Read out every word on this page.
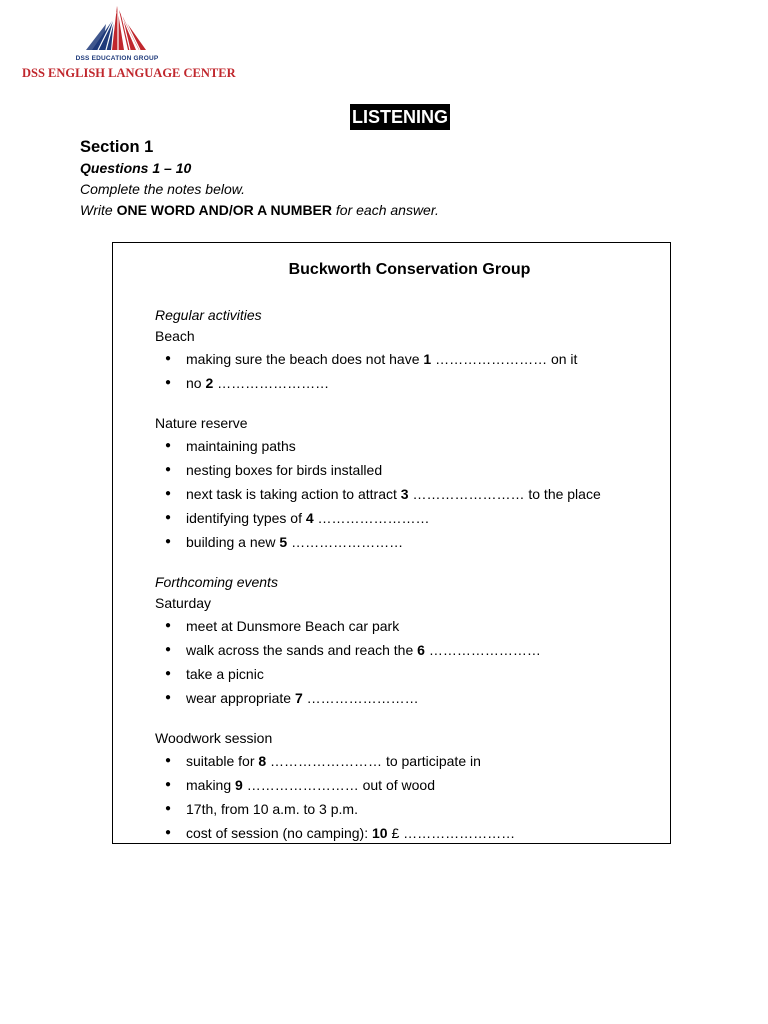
DSS EDUCATION GROUP
DSS ENGLISH LANGUAGE CENTER
LISTENING
Section 1
Questions 1 – 10
Complete the notes below.
Write ONE WORD AND/OR A NUMBER for each answer.
Buckworth Conservation Group
Regular activities
Beach
● making sure the beach does not have 1 …………………… on it
● no 2 ……………………
Nature reserve
● maintaining paths
● nesting boxes for birds installed
● next task is taking action to attract 3 …………………… to the place
● identifying types of 4 ……………………
● building a new 5 ……………………
Forthcoming events
Saturday
● meet at Dunsmore Beach car park
● walk across the sands and reach the 6 ……………………
● take a picnic
● wear appropriate 7 ……………………
Woodwork session
● suitable for 8 …………………… to participate in
● making 9 …………………… out of wood
● 17th, from 10 a.m. to 3 p.m.
● cost of session (no camping): 10 £ ……………………
